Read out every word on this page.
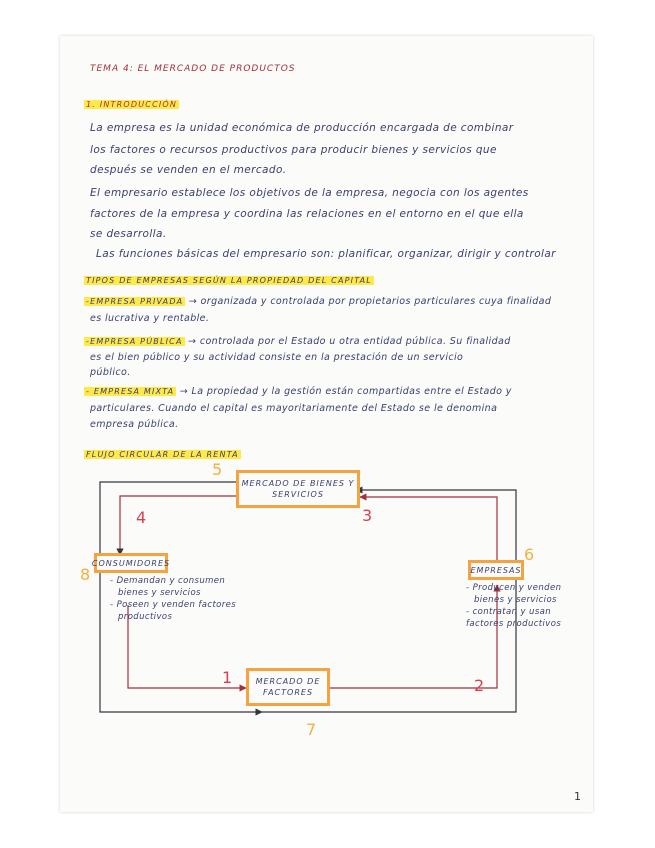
TEMA 4: EL MERCADO DE PRODUCTOS
1. INTRODUCCIÓN
La empresa es la unidad económica de producción encargada de combinar
los factores o recursos productivos para producir bienes y servicios que
después se venden en el mercado.
El empresario establece los objetivos de la empresa, negocia con los agentes
factores de la empresa y coordina las relaciones en el entorno en el que ella
se desarrolla.
Las funciones básicas del empresario son: planificar, organizar, dirigir y controlar
TIPOS DE EMPRESAS SEGÚN LA PROPIEDAD DEL CAPITAL
-EMPRESA PRIVADA → organizada y controlada por propietarios particulares cuya finalidad
es lucrativa y rentable.
-EMPRESA PÚBLICA → controlada por el Estado u otra entidad pública. Su finalidad
es el bien público y su actividad consiste en la prestación de un servicio
público.
- EMPRESA MIXTA → La propiedad y la gestión están compartidas entre el Estado y
particulares. Cuando el capital es mayoritariamente del Estado se le denomina
empresa pública.
FLUJO CIRCULAR DE LA RENTA
MERCADO DE BIENES Y SERVICIOS
CONSUMIDORES
EMPRESAS
MERCADO DE FACTORES
- Demandan y consumen
bienes y servicios
- Poseen y venden factores
productivos
- Producen y venden
bienes y servicios
- contratan y usan
factores productivos
1	2
3
4
5
6
7
8
1
